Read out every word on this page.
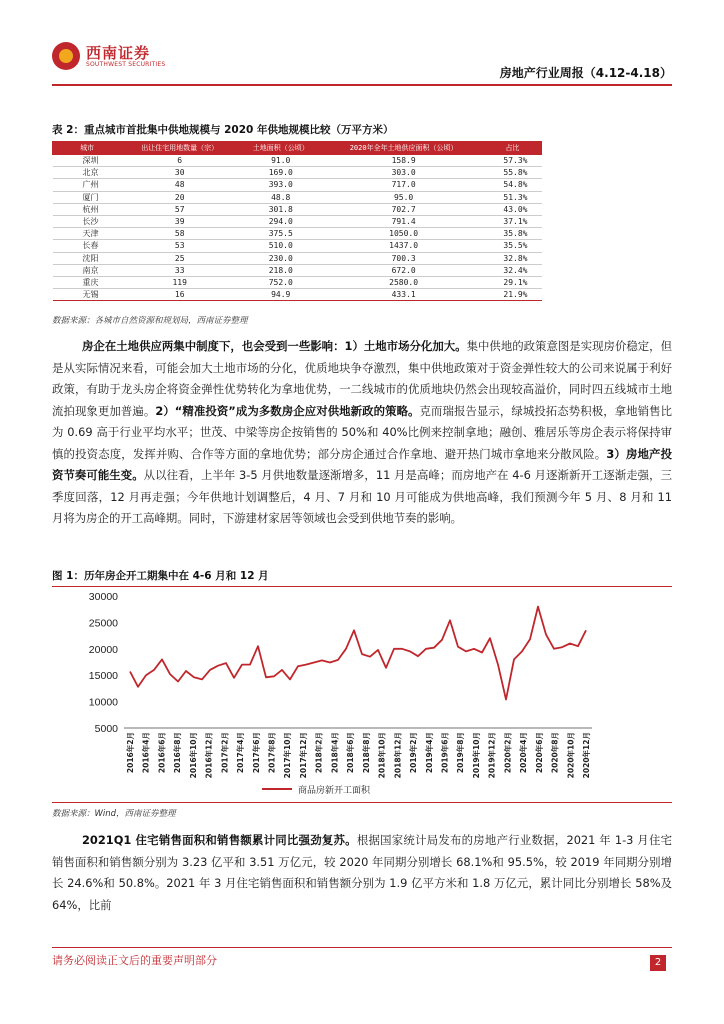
西南证券
SOUTHWEST SECURITIES
房地产行业周报（4.12-4.18）
表 2：重点城市首批集中供地规模与 2020 年供地规模比较（万平方米）
城市	出让住宅用地数量（宗）	土地面积（公顷）	2020年全年土地供应面积（公顷）	占比
深圳	6	91.0	158.9	57.3%
北京	30	169.0	303.0	55.8%
广州	48	393.0	717.0	54.8%
厦门	20	48.8	95.0	51.3%
杭州	57	301.8	702.7	43.0%
长沙	39	294.0	791.4	37.1%
天津	58	375.5	1050.0	35.8%
长春	53	510.0	1437.0	35.5%
沈阳	25	230.0	700.3	32.8%
南京	33	218.0	672.0	32.4%
重庆	119	752.0	2580.0	29.1%
无锡	16	94.9	433.1	21.9%
数据来源：各城市自然资源和规划局，西南证券整理
房企在土地供应两集中制度下，也会受到一些影响：1）土地市场分化加大。集中供地的政策意图是实现房价稳定，但是从实际情况来看，可能会加大土地市场的分化，优质地块争夺激烈，集中供地政策对于资金弹性较大的公司来说属于利好政策，有助于龙头房企将资金弹性优势转化为拿地优势，一二线城市的优质地块仍然会出现较高溢价，同时四五线城市土地流拍现象更加普遍。2）“精准投资”成为多数房企应对供地新政的策略。克而瑞报告显示，绿城投拓态势积极，拿地销售比为 0.69 高于行业平均水平；世茂、中梁等房企按销售的 50%和 40%比例来控制拿地；融创、雅居乐等房企表示将保持审慎的投资态度，发挥并购、合作等方面的拿地优势；部分房企通过合作拿地、避开热门城市拿地来分散风险。3）房地产投资节奏可能生变。从以往看，上半年 3-5 月供地数量逐渐增多，11 月是高峰；而房地产在 4-6 月逐渐新开工逐渐走强，三季度回落，12 月再走强；今年供地计划调整后，4 月、7 月和 10 月可能成为供地高峰，我们预测今年 5 月、8 月和 11 月将为房企的开工高峰期。同时，下游建材家居等领域也会受到供地节奏的影响。
图 1：历年房企开工期集中在 4-6 月和 12 月
5000
10000
15000
20000
25000
30000
2016年2月 2016年4月 2016年6月 2016年8月 2016年10月 2016年12月 2017年2月 2017年4月 2017年6月 2017年8月 2017年10月 2017年12月 2018年2月 2018年4月 2018年6月 2018年8月 2018年10月 2018年12月 2019年2月 2019年4月 2019年6月 2019年8月 2019年10月 2019年12月 2020年2月 2020年4月 2020年6月 2020年8月 2020年10月 2020年12月
商品房新开工面积
数据来源：Wind，西南证券整理
2021Q1 住宅销售面积和销售额累计同比强劲复苏。根据国家统计局发布的房地产行业数据，2021 年 1-3 月住宅销售面积和销售额分别为 3.23 亿平和 3.51 万亿元，较 2020 年同期分别增长 68.1%和 95.5%，较 2019 年同期分别增长 24.6%和 50.8%。2021 年 3 月住宅销售面积和销售额分别为 1.9 亿平方米和 1.8 万亿元，累计同比分别增长 58%及 64%，比前
请务必阅读正文后的重要声明部分	2
